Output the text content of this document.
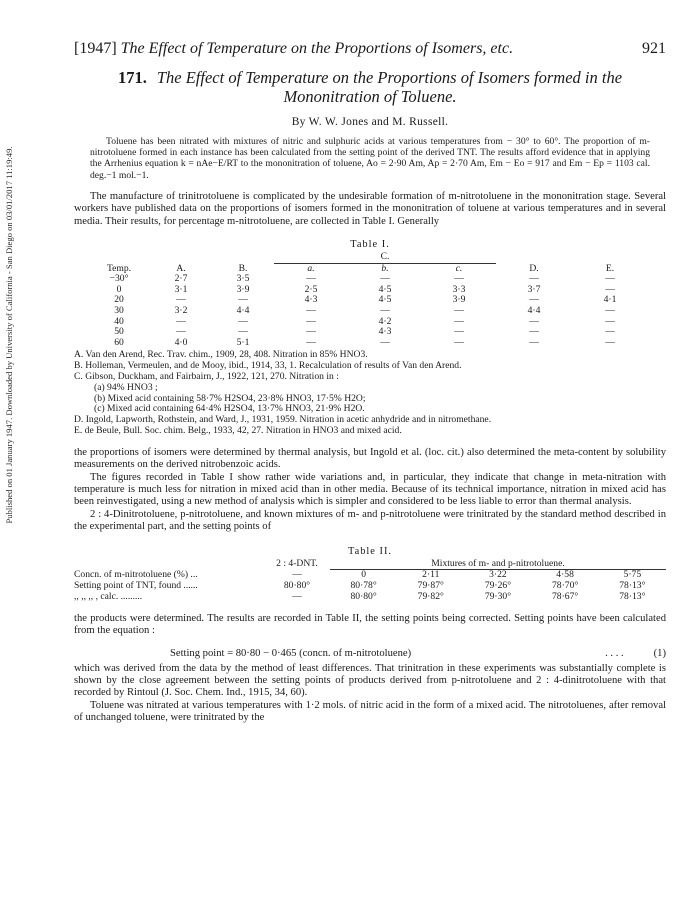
Published on 01 January 1947. Downloaded by University of California - San Diego on 03/01/2017 11:19:49.
[1947] The Effect of Temperature on the Proportions of Isomers, etc.	921
171. The Effect of Temperature on the Proportions of Isomers formed in the Mononitration of Toluene.
By W. W. Jones and M. Russell.
Toluene has been nitrated with mixtures of nitric and sulphuric acids at various temperatures from − 30° to 60°. The proportion of m-nitrotoluene formed in each instance has been calculated from the setting point of the derived TNT. The results afford evidence that in applying the Arrhenius equation k = nAe−E/RT to the mononitration of toluene, Ao = 2·90 Am, Ap = 2·70 Am, Em − Eo = 917 and Em − Ep = 1103 cal. deg.−1 mol.−1.

The manufacture of trinitrotoluene is complicated by the undesirable formation of m-nitrotoluene in the mononitration stage. Several workers have published data on the proportions of isomers formed in the mononitration of toluene at various temperatures and in several media. Their results, for percentage m-nitrotoluene, are collected in Table I. Generally

Table I.
			C.				

Temp.	A.	B.	a.	b.	c.	D.	E.
−30°	2·7	3·5	—	—	—	—	—
0	3·1	3·9	2·5	4·5	3·3	3·7	—
20	—	—	4·3	4·5	3·9	—	4·1
30	3·2	4·4	—	—	—	4·4	—
40	—	—	—	4·2	—	—	—
50	—	—	—	4·3	—	—	—
60	4·0	5·1	—	—	—	—	—
A. Van den Arend, Rec. Trav. chim., 1909, 28, 408. Nitration in 85% HNO3.
B. Holleman, Vermeulen, and de Mooy, ibid., 1914, 33, 1. Recalculation of results of Van den Arend.
C. Gibson, Duckham, and Fairbairn, J., 1922, 121, 270. Nitration in :
(a) 94% HNO3 ;
(b) Mixed acid containing 58·7% H2SO4, 23·8% HNO3, 17·5% H2O;
(c) Mixed acid containing 64·4% H2SO4, 13·7% HNO3, 21·9% H2O.
D. Ingold, Lapworth, Rothstein, and Ward, J., 1931, 1959. Nitration in acetic anhydride and in nitromethane.
E. de Beule, Bull. Soc. chim. Belg., 1933, 42, 27. Nitration in HNO3 and mixed acid.

the proportions of isomers were determined by thermal analysis, but Ingold et al. (loc. cit.) also determined the meta-content by solubility measurements on the derived nitrobenzoic acids.

The figures recorded in Table I show rather wide variations and, in particular, they indicate that change in meta-nitration with temperature is much less for nitration in mixed acid than in other media. Because of its technical importance, nitration in mixed acid has been reinvestigated, using a new method of analysis which is simpler and considered to be less liable to error than thermal analysis.

2 : 4-Dinitrotoluene, p-nitrotoluene, and known mixtures of m- and p-nitrotoluene were trinitrated by the standard method described in the experimental part, and the setting points of

Table II.
	2 : 4-DNT.	Mixtures of m- and p-nitrotoluene.				

Concn. of m-nitrotoluene (%) ...	—	0	2·11	3·22	4·58	5·75
Setting point of TNT, found ......	80·80°	80·78°	79·87°	79·26°	78·70°	78·13°
,, ,, ,, , calc. .........	—	80·80°	79·82°	79·30°	78·67°	78·13°

the products were determined. The results are recorded in Table II, the setting points being corrected. Setting points have been calculated from the equation :

Setting point = 80·80 − 0·465 (concn. of m-nitrotoluene)	. . . .	(1)

which was derived from the data by the method of least differences. That trinitration in these experiments was substantially complete is shown by the close agreement between the setting points of products derived from p-nitrotoluene and 2 : 4-dinitrotoluene with that recorded by Rintoul (J. Soc. Chem. Ind., 1915, 34, 60).

Toluene was nitrated at various temperatures with 1·2 mols. of nitric acid in the form of a mixed acid. The nitrotoluenes, after removal of unchanged toluene, were trinitrated by the
